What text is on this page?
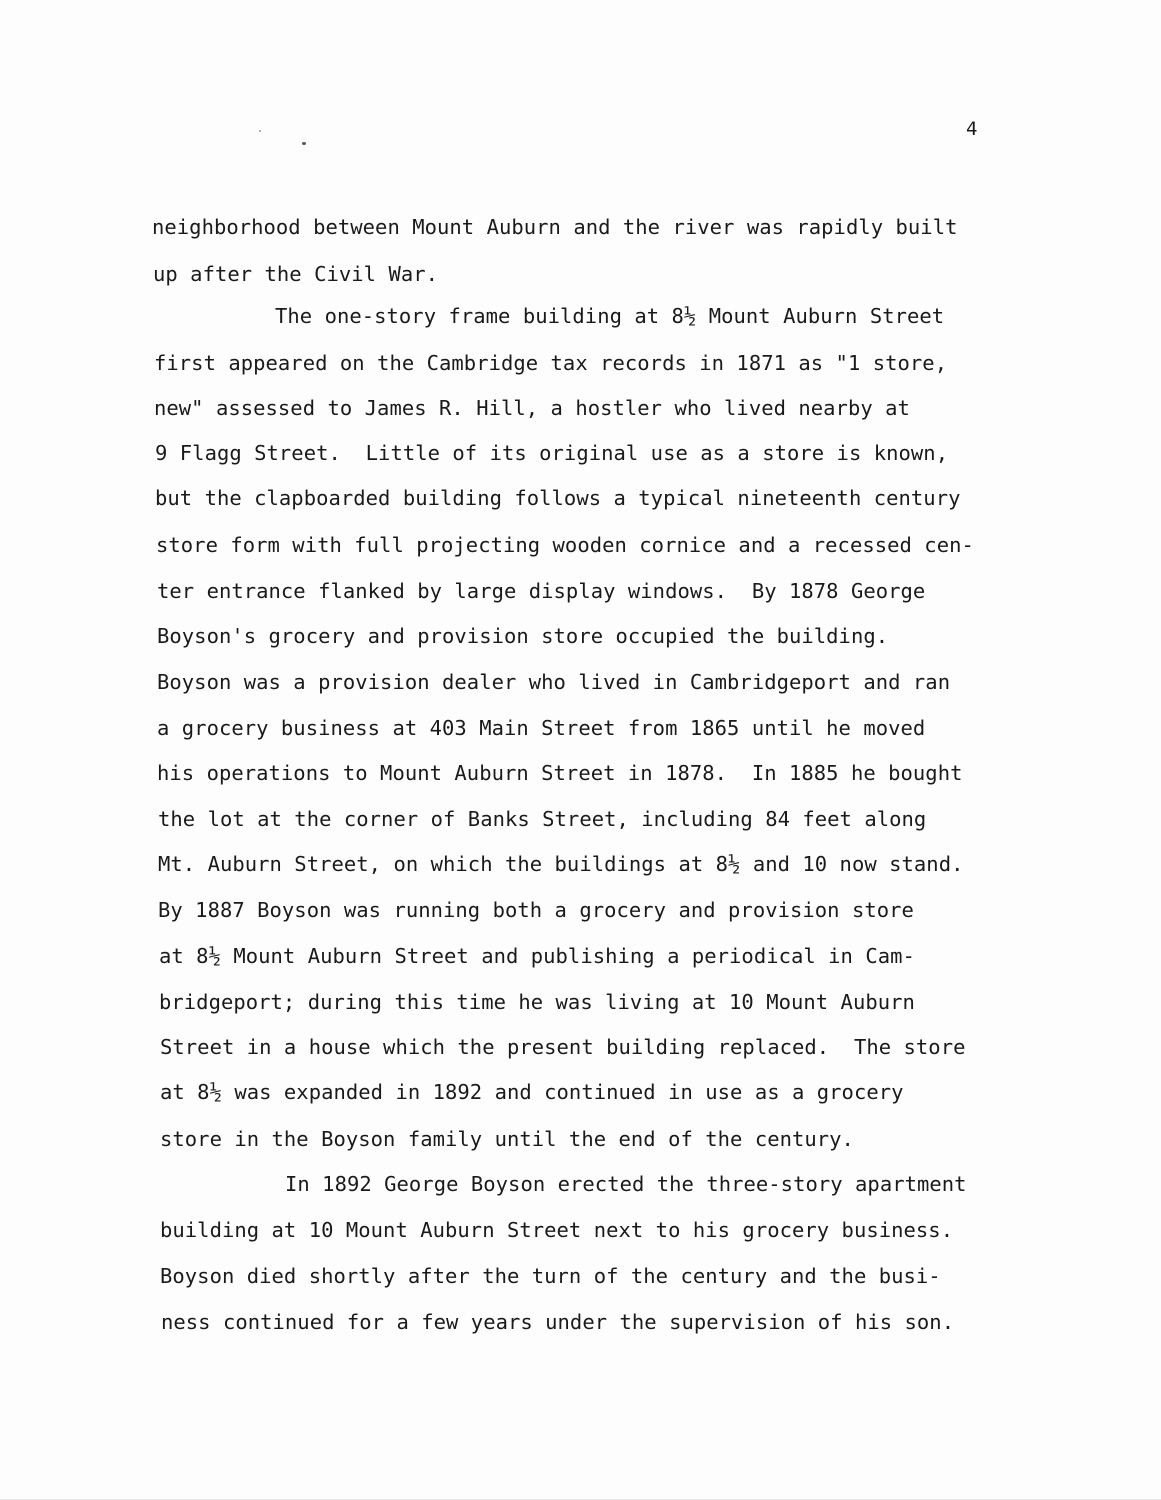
4
neighborhood between Mount Auburn and the river was rapidly built
up after the Civil War.
The one-story frame building at 8½ Mount Auburn Street
first appeared on the Cambridge tax records in 1871 as "1 store,
new" assessed to James R. Hill, a hostler who lived nearby at
9 Flagg Street.  Little of its original use as a store is known,
but the clapboarded building follows a typical nineteenth century
store form with full projecting wooden cornice and a recessed cen-
ter entrance flanked by large display windows.  By 1878 George
Boyson's grocery and provision store occupied the building.
Boyson was a provision dealer who lived in Cambridgeport and ran
a grocery business at 403 Main Street from 1865 until he moved
his operations to Mount Auburn Street in 1878.  In 1885 he bought
the lot at the corner of Banks Street, including 84 feet along
Mt. Auburn Street, on which the buildings at 8½ and 10 now stand.
By 1887 Boyson was running both a grocery and provision store
at 8½ Mount Auburn Street and publishing a periodical in Cam-
bridgeport; during this time he was living at 10 Mount Auburn
Street in a house which the present building replaced.  The store
at 8½ was expanded in 1892 and continued in use as a grocery
store in the Boyson family until the end of the century.
In 1892 George Boyson erected the three-story apartment
building at 10 Mount Auburn Street next to his grocery business.
Boyson died shortly after the turn of the century and the busi-
ness continued for a few years under the supervision of his son.
